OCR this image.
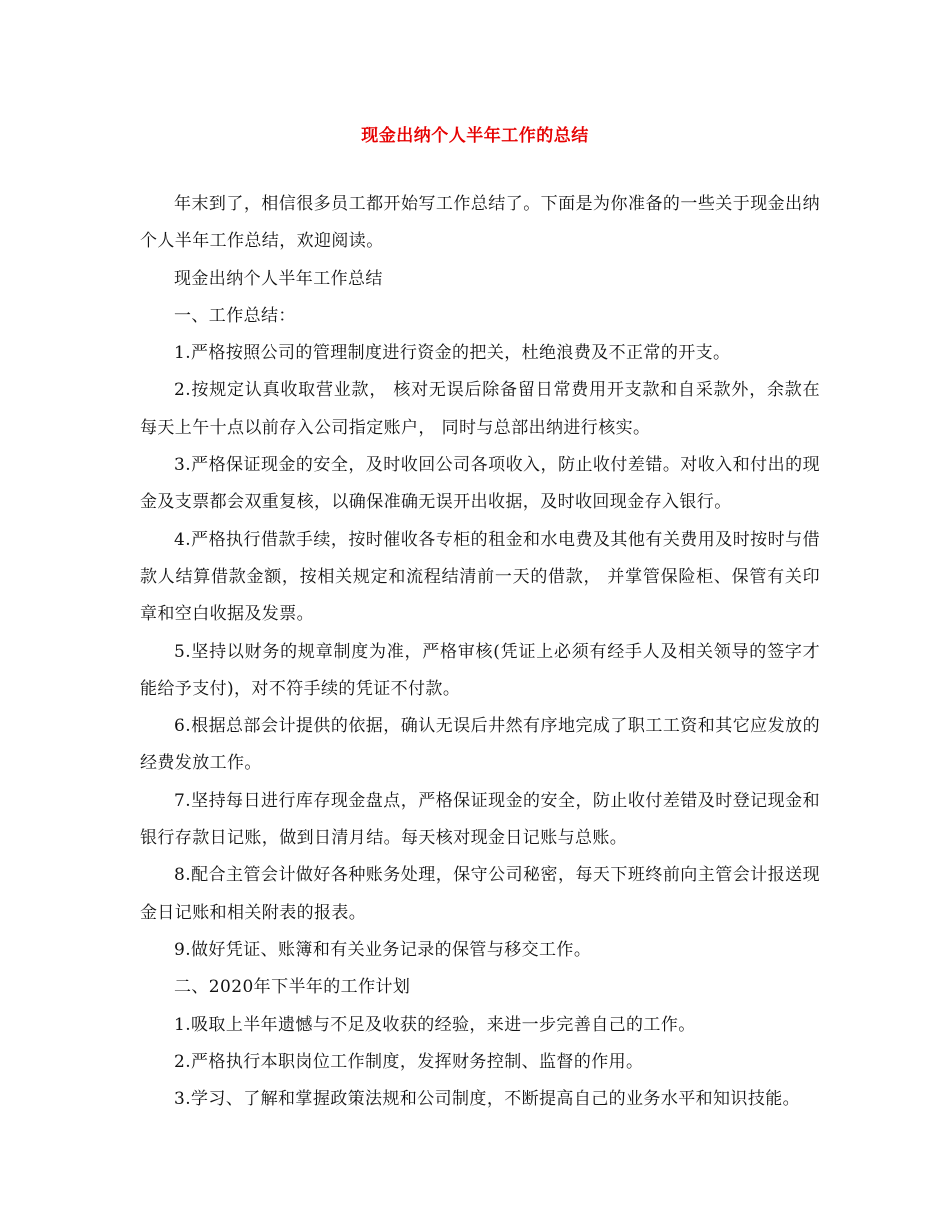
现金出纳个人半年工作的总结

年末到了，相信很多员工都开始写工作总结了。下面是为你准备的一些关于现金出纳个人半年工作总结，欢迎阅读。

现金出纳个人半年工作总结

一、工作总结：

1.严格按照公司的管理制度进行资金的把关，杜绝浪费及不正常的开支。

2.按规定认真收取营业款， 核对无误后除备留日常费用开支款和自采款外，余款在每天上午十点以前存入公司指定账户， 同时与总部出纳进行核实。

3.严格保证现金的安全，及时收回公司各项收入，防止收付差错。对收入和付出的现金及支票都会双重复核，以确保准确无误开出收据，及时收回现金存入银行。

4.严格执行借款手续，按时催收各专柜的租金和水电费及其他有关费用及时按时与借款人结算借款金额，按相关规定和流程结清前一天的借款， 并掌管保险柜、保管有关印章和空白收据及发票。

5.坚持以财务的规章制度为准，严格审核(凭证上必须有经手人及相关领导的签字才能给予支付)，对不符手续的凭证不付款。

6.根据总部会计提供的依据，确认无误后井然有序地完成了职工工资和其它应发放的经费发放工作。

7.坚持每日进行库存现金盘点，严格保证现金的安全，防止收付差错及时登记现金和银行存款日记账，做到日清月结。每天核对现金日记账与总账。

8.配合主管会计做好各种账务处理，保守公司秘密，每天下班终前向主管会计报送现金日记账和相关附表的报表。

9.做好凭证、账簿和有关业务记录的保管与移交工作。

二、2020年下半年的工作计划

1.吸取上半年遗憾与不足及收获的经验，来进一步完善自己的工作。

2.严格执行本职岗位工作制度，发挥财务控制、监督的作用。

3.学习、了解和掌握政策法规和公司制度，不断提高自己的业务水平和知识技能。
